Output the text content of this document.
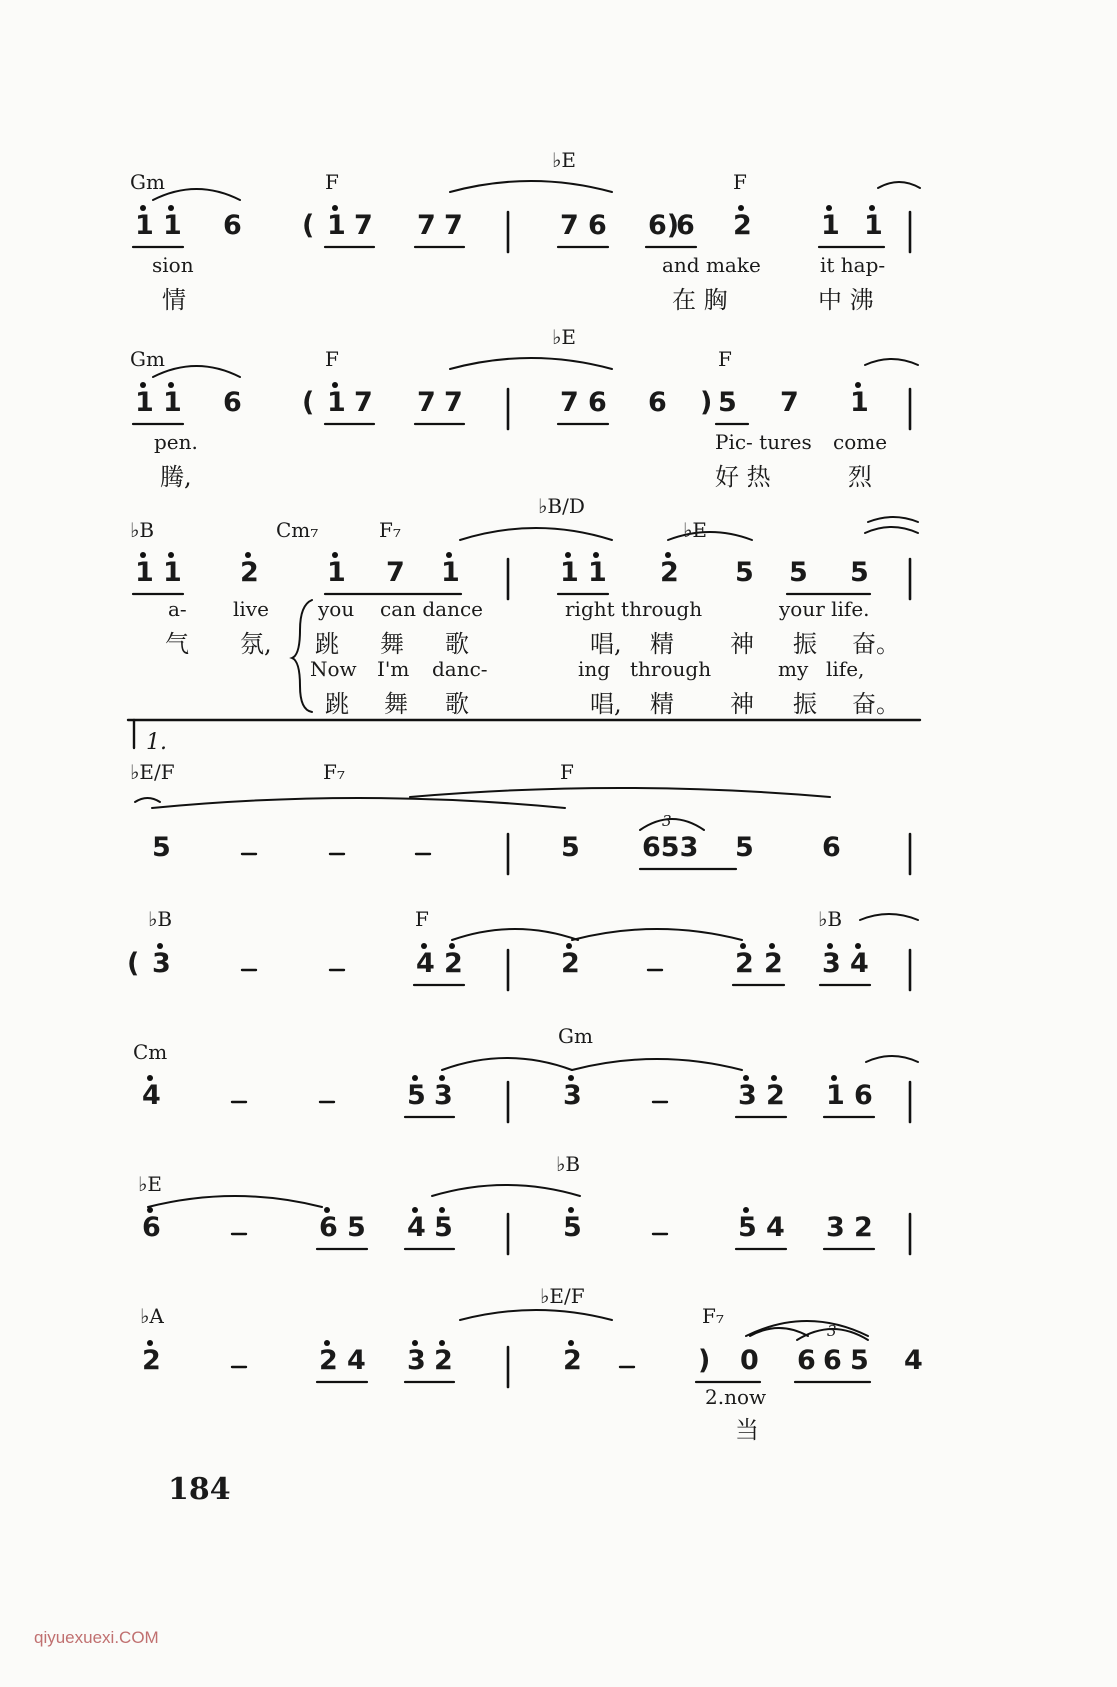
Gm	F
♭E
F
1 1 6 ( 1 7 7 7	7 6 6)
6 2	1 1
sion	and make	it hap-
情	在 胸	中 沸
Gm	F
♭E
F
1 1 6 ( 1 7 7 7	7 6 6 ) 5 7 1
pen.	Pic- tures come
腾,	好 热	烈
♭B	Cm₇	F₇
♭B/D
♭E
1 1 2	1 7 1	1 1 2 5 5 5
a- live you can dance	right through	your life.
气 氛, 跳 舞 歌	唱, 精 神 振 奋。
Now I'm danc-	ing through	my life,
跳 舞 歌	唱, 精 神 振 奋。
♭E/F	F₇	F
5	5 653 5	6
3
1.
♭B	F	♭B
( 3	4 2	2	2 2 3 4
Cm
Gm
4	5 3	3	3 2 1 6
♭E
♭B
6	6 5 4 5	5	5 4 3 2
♭A
♭E/F
F₇
2	2 4 3 2	2	) 0 6 6 5 4
3
2.now
当
184
qiyuexuexi.COM
